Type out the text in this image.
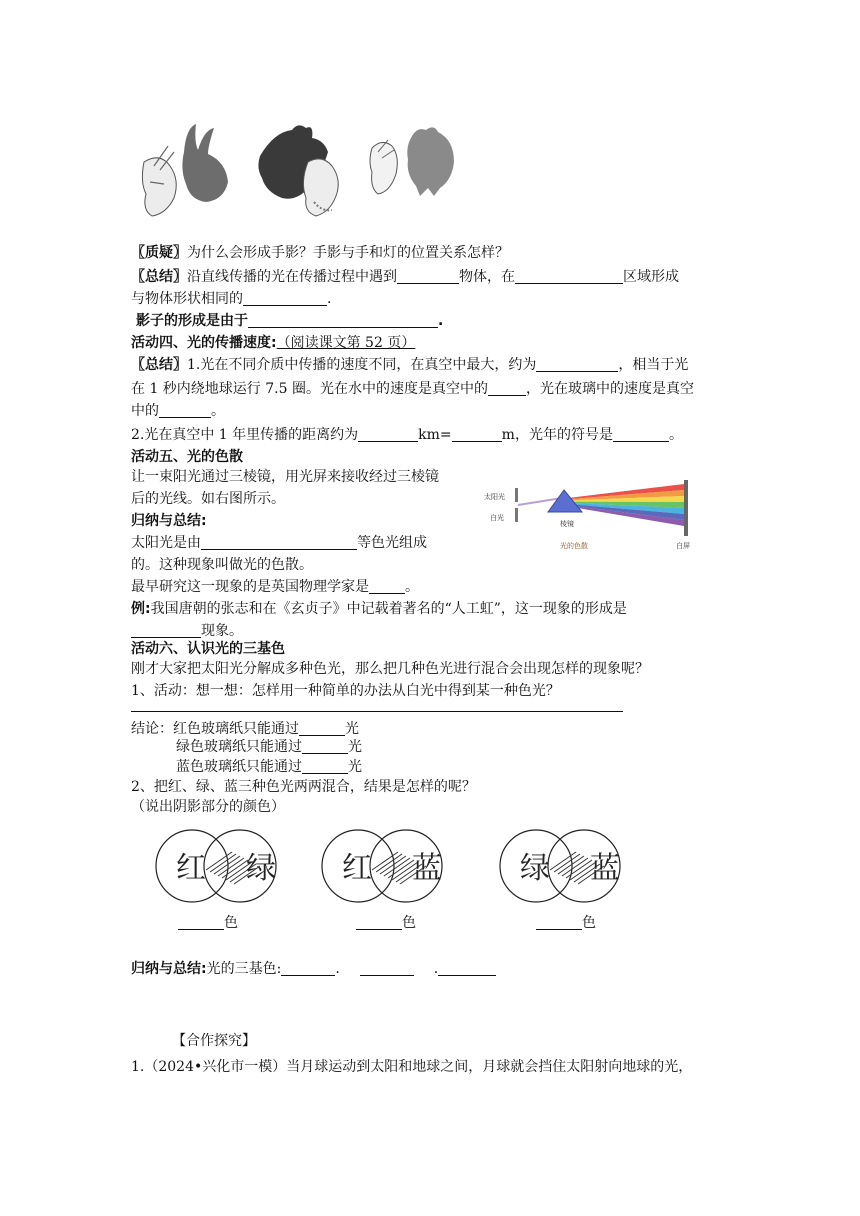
〖质疑〗为什么会形成手影？手影与手和灯的位置关系怎样？
〖总结〗沿直线传播的光在传播过程中遇到	物体，在	区域形成
与物体形状相同的	.
影子的形成是由于	.
活动四、光的传播速度:（阅读课文第 52 页）
〖总结〗1.光在不同介质中传播的速度不同，在真空中最大，约为	，相当于光
在 1 秒内绕地球运行 7.5 圈。光在水中的速度是真空中的	，光在玻璃中的速度是真空
中的	。
2.光在真空中 1 年里传播的距离约为	km=	m，光年的符号是	。
活动五、光的色散
让一束阳光通过三棱镜，用光屏来接收经过三棱镜
后的光线。如右图所示。
归纳与总结:
太阳光是由	等色光组成
的。这种现象叫做光的色散。
最早研究这一现象的是英国物理学家是	。
例:我国唐朝的张志和在《玄贞子》中记载着著名的“人工虹”，这一现象的形成是
现象。
太阳光
白光
棱镜
白屏
光的色散
活动六、认识光的三基色
刚才大家把太阳光分解成多种色光，那么把几种色光进行混合会出现怎样的现象呢？
1、活动：想一想：怎样用一种简单的办法从白光中得到某一种色光？
结论：红色玻璃纸只能通过	光
绿色玻璃纸只能通过	光
蓝色玻璃纸只能通过	光
2、把红、绿、蓝三种色光两两混合，结果是怎样的呢？
（说出阴影部分的颜色）
红 绿 红 蓝	绿 蓝
色	色	色
归纳与总结:光的三基色:	.	.
【合作探究】
1.（2024•兴化市一模）当月球运动到太阳和地球之间，月球就会挡住太阳射向地球的光，
